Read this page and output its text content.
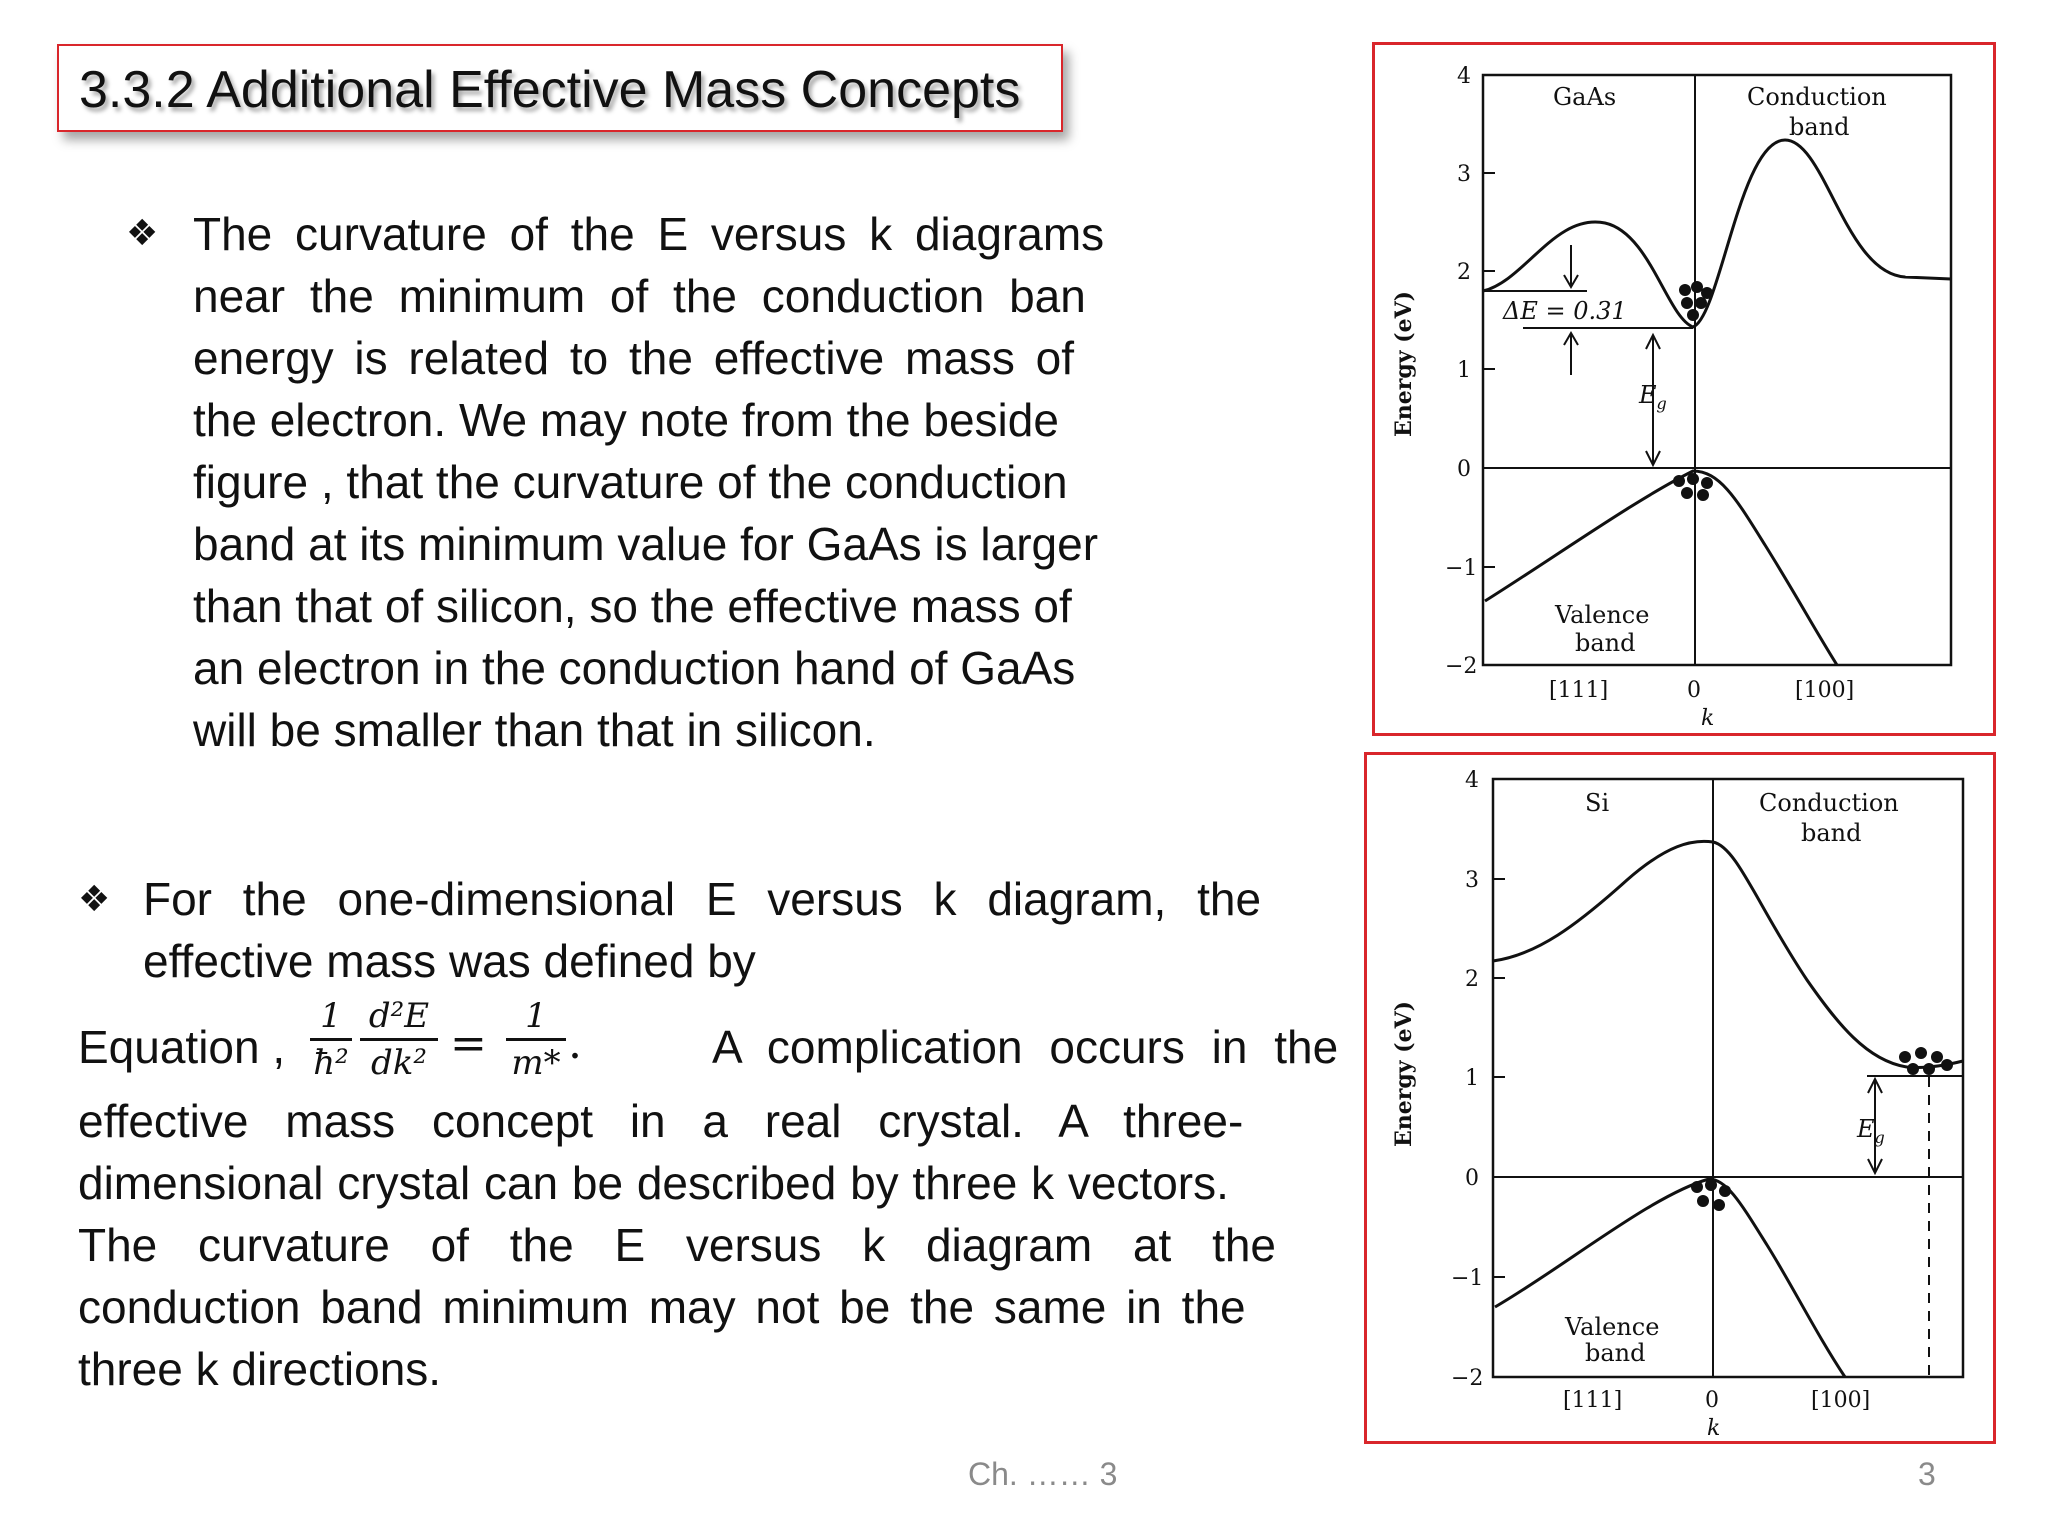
3.3.2 Additional Effective Mass Concepts
❖ The curvature of the E versus k diagrams
near the minimum of the conduction ban
energy is related to the effective mass of
the electron. We may note from the beside
figure , that the curvature of the conduction
band at its minimum value for GaAs is larger
than that of silicon, so the effective mass of
an electron in the conduction hand of GaAs
will be smaller than that in silicon.
❖ For the one-dimensional E versus k diagram, the
effective mass was defined by
Equation ,
1
ħ²
d²E
dk² =
1
m* .	A complication occurs in the
effective mass concept in a real crystal. A three-
dimensional crystal can be described by three k vectors.
The curvature of the E versus k diagram at the
conduction band minimum may not be the same in the
three k directions.
4
3
2
1
0
−1
−2
Energy (eV)
[111]	0	[100]
k
GaAs	Conduction
band
Valence
band
ΔE = 0.31
$E_g$
4
3
2
1
0
−1
−2
Energy (eV)
[111]	0	[100]
k
Si	Conduction
band
Valence
band
$E_g$
Ch. …… 3	3
